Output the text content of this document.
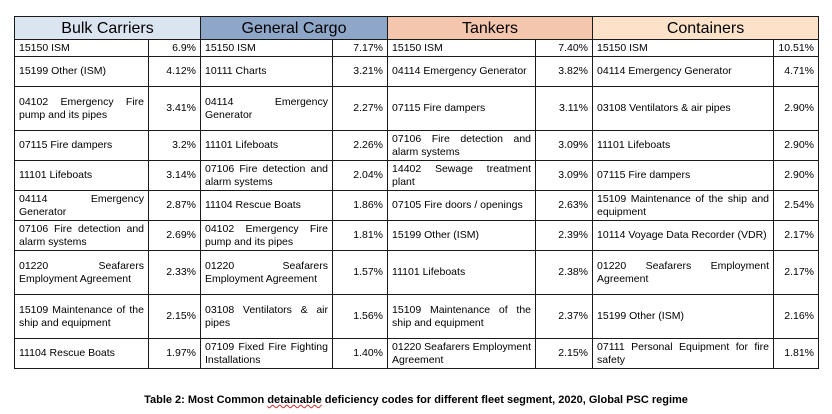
Bulk Carriers		General Cargo		Tankers		Containers	
15150 ISM	6.9%	15150 ISM	7.17%	15150 ISM	7.40%	15150 ISM	10.51%
15199 Other (ISM)	4.12%	10111 Charts	3.21%	04114 Emergency Generator	3.82%	04114 Emergency Generator	4.71%
04102 Emergency Fire pump and its pipes	3.41%	04114 Emergency Generator	2.27%	07115 Fire dampers	3.11%	03108 Ventilators & air pipes	2.90%
07115 Fire dampers	3.2%	11101 Lifeboats	2.26%	07106 Fire detection and alarm systems	3.09%	11101 Lifeboats	2.90%
11101 Lifeboats	3.14%	07106 Fire detection and alarm systems	2.04%	14402 Sewage treatment plant	3.09%	07115 Fire dampers	2.90%
04114 Emergency Generator	2.87%	11104 Rescue Boats	1.86%	07105 Fire doors / openings	2.63%	15109 Maintenance of the ship and equipment	2.54%
07106 Fire detection and alarm systems	2.69%	04102 Emergency Fire pump and its pipes	1.81%	15199 Other (ISM)	2.39%	10114 Voyage Data Recorder (VDR)	2.17%
01220 Seafarers Employment Agreement	2.33%	01220 Seafarers Employment Agreement	1.57%	11101 Lifeboats	2.38%	01220 Seafarers Employment Agreement	2.17%
15109 Maintenance of the ship and equipment	2.15%	03108 Ventilators & air pipes	1.56%	15109 Maintenance of the ship and equipment	2.37%	15199 Other (ISM)	2.16%
11104 Rescue Boats	1.97%	07109 Fixed Fire Fighting Installations	1.40%	01220 Seafarers Employment Agreement	2.15%	07111 Personal Equipment for fire safety	1.81%
Table 2: Most Common detainable deficiency codes for different fleet segment, 2020, Global PSC regime
